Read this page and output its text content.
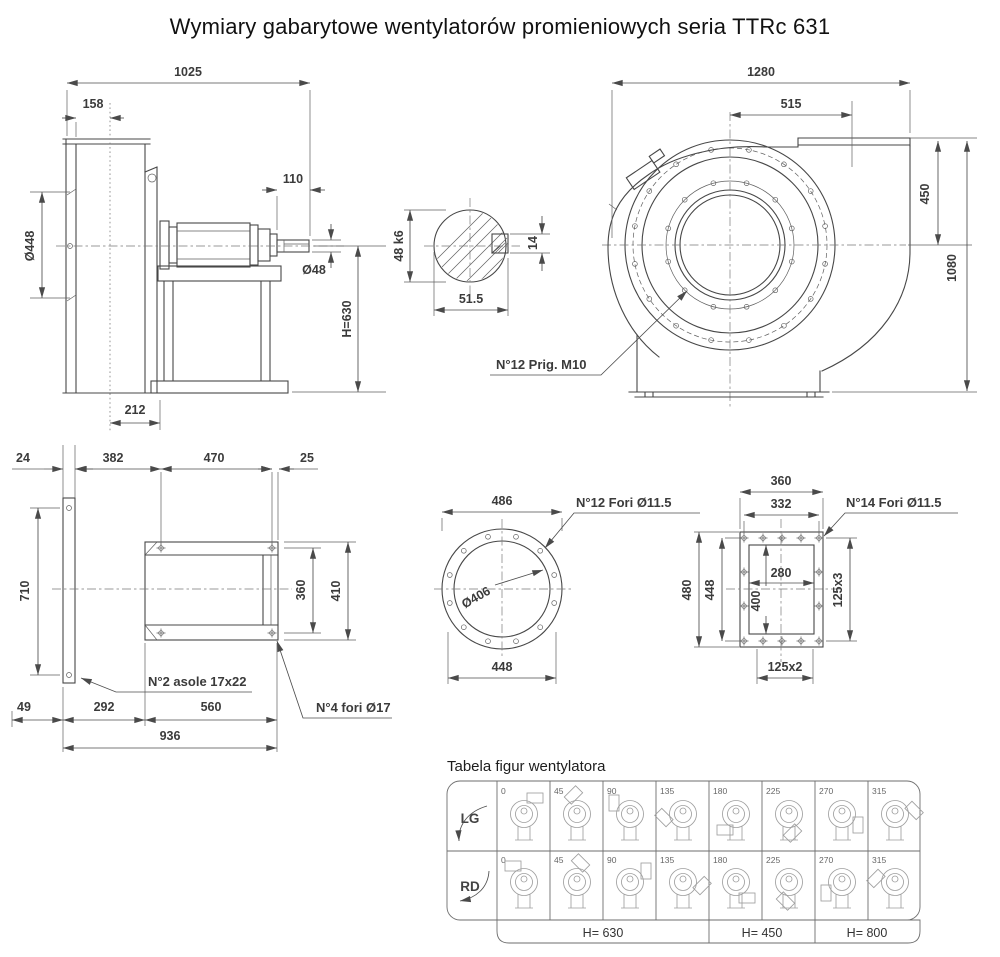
Wymiary gabarytowe wentylatorów promieniowych seria TTRc 631
1025
158
110
Ø448
Ø48
H=630
212
48 k6	14
51.5
1280
515
450
1080
N°12 Prig. M10
24	382	470	25
710	360 410
49	292	560
936
N°2 asole 17x22
N°4 fori Ø17
486
448
Ø406
N°12 Fori Ø11.5
360
332
280
400
448
480	125x3
125x2
N°14 Fori Ø11.5
Tabela figur wentylatora
LG
RD
H= 630	H= 450	H= 800
0	45	90	135	180	225	270	315
0	45	90	135	180	225	270	315
